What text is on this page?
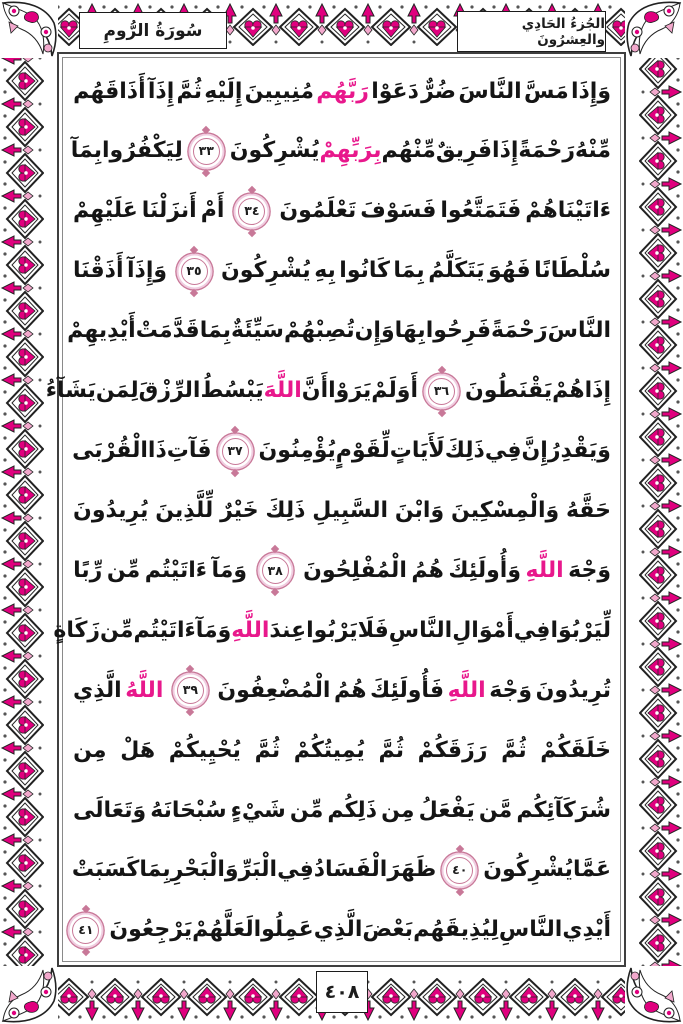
سُورَةُ الرُّومِ	الجُزءُ الحَادِي والعِشرُونَ
وَإِذَا
مَسَّ
النَّاسَ
ضُرٌّ
دَعَوْا
رَبَّهُم
مُنِيبِينَ
إِلَيْهِ
ثُمَّ
إِذَآ
أَذَاقَهُم
مِّنْهُ
رَحْمَةً
إِذَا
فَرِيقٌ
مِّنْهُم
بِرَبِّهِمْ
يُشْرِكُونَ
٣٣
لِيَكْفُرُوا
بِمَآ
ءَاتَيْنَاهُمْ
فَتَمَتَّعُوا
فَسَوْفَ
تَعْلَمُونَ
٣٤
أَمْ
أَنزَلْنَا
عَلَيْهِمْ
سُلْطَانًا
فَهُوَ
يَتَكَلَّمُ
بِمَا
كَانُوا
بِهِ
يُشْرِكُونَ
٣٥
وَإِذَآ
أَذَقْنَا
النَّاسَ
رَحْمَةً
فَرِحُوا
بِهَا
وَإِن
تُصِبْهُمْ
سَيِّئَةٌ
بِمَا
قَدَّمَتْ
أَيْدِيهِمْ
إِذَا
هُمْ
يَقْنَطُونَ
٣٦
أَوَلَمْ
يَرَوْا
أَنَّ
اللَّهَ
يَبْسُطُ
الرِّزْقَ
لِمَن
يَشَآءُ
وَيَقْدِرُ
إِنَّ
فِي
ذَلِكَ
لَأَيَاتٍ
لِّقَوْمٍ
يُؤْمِنُونَ
٣٧
فَآتِ
ذَا
الْقُرْبَى
حَقَّهُ
وَالْمِسْكِينَ
وَابْنَ
السَّبِيلِ
ذَلِكَ
خَيْرٌ
لِّلَّذِينَ
يُرِيدُونَ
وَجْهَ
اللَّهِ
وَأُولَئِكَ
هُمُ
الْمُفْلِحُونَ
٣٨
وَمَآ
ءَاتَيْتُم
مِّن
رِّبًا
لِّيَرْبُوَا
فِي
أَمْوَالِ
النَّاسِ
فَلَا
يَرْبُوا
عِندَ
اللَّهِ
وَمَآ
ءَاتَيْتُم
مِّن
زَكَاةٍ
تُرِيدُونَ
وَجْهَ
اللَّهِ
فَأُولَئِكَ
هُمُ
الْمُضْعِفُونَ
٣٩
اللَّهُ
الَّذِي
خَلَقَكُمْ
ثُمَّ
رَزَقَكُمْ
ثُمَّ
يُمِيتُكُمْ
ثُمَّ
يُحْيِيكُمْ
هَلْ
مِن
شُرَكَآئِكُم
مَّن
يَفْعَلُ
مِن
ذَلِكُم
مِّن
شَيْءٍ
سُبْحَانَهُ
وَتَعَالَى
عَمَّا
يُشْرِكُونَ
٤٠
ظَهَرَ
الْفَسَادُ
فِي
الْبَرِّ
وَالْبَحْرِ
بِمَا
كَسَبَتْ
أَيْدِي
النَّاسِ
لِيُذِيقَهُم
بَعْضَ
الَّذِي
عَمِلُوا
لَعَلَّهُمْ
يَرْجِعُونَ
٤١
٤٠٨
